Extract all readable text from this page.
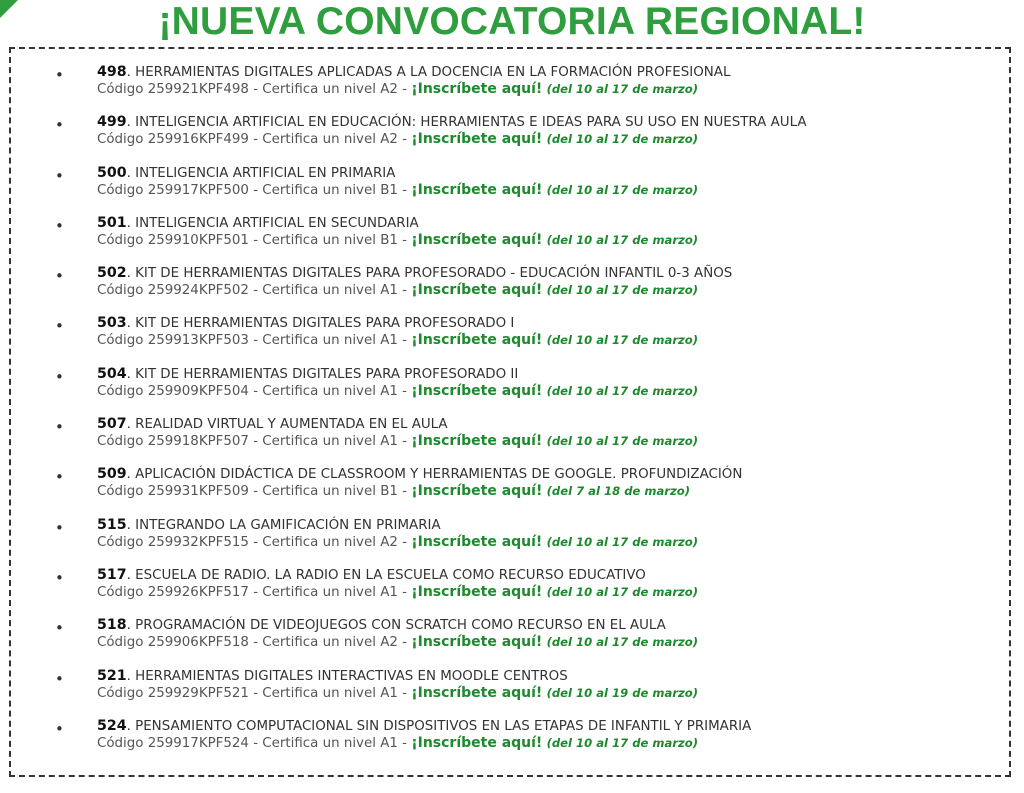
¡NUEVA CONVOCATORIA REGIONAL!
• 498. HERRAMIENTAS DIGITALES APLICADAS A LA DOCENCIA EN LA FORMACIÓN PROFESIONAL
Código 259921KPF498 - Certifica un nivel A2 - ¡Inscríbete aquí! (del 10 al 17 de marzo)
• 499. INTELIGENCIA ARTIFICIAL EN EDUCACIÓN: HERRAMIENTAS E IDEAS PARA SU USO EN NUESTRA AULA
Código 259916KPF499 - Certifica un nivel A2 - ¡Inscríbete aquí! (del 10 al 17 de marzo)
• 500. INTELIGENCIA ARTIFICIAL EN PRIMARIA
Código 259917KPF500 - Certifica un nivel B1 - ¡Inscríbete aquí! (del 10 al 17 de marzo)
• 501. INTELIGENCIA ARTIFICIAL EN SECUNDARIA
Código 259910KPF501 - Certifica un nivel B1 - ¡Inscríbete aquí! (del 10 al 17 de marzo)
• 502. KIT DE HERRAMIENTAS DIGITALES PARA PROFESORADO - EDUCACIÓN INFANTIL 0-3 AÑOS
Código 259924KPF502 - Certifica un nivel A1 - ¡Inscríbete aquí! (del 10 al 17 de marzo)
• 503. KIT DE HERRAMIENTAS DIGITALES PARA PROFESORADO I
Código 259913KPF503 - Certifica un nivel A1 - ¡Inscríbete aquí! (del 10 al 17 de marzo)
• 504. KIT DE HERRAMIENTAS DIGITALES PARA PROFESORADO II
Código 259909KPF504 - Certifica un nivel A1 - ¡Inscríbete aquí! (del 10 al 17 de marzo)
• 507. REALIDAD VIRTUAL Y AUMENTADA EN EL AULA
Código 259918KPF507 - Certifica un nivel A1 - ¡Inscríbete aquí! (del 10 al 17 de marzo)
• 509. APLICACIÓN DIDÁCTICA DE CLASSROOM Y HERRAMIENTAS DE GOOGLE. PROFUNDIZACIÓN
Código 259931KPF509 - Certifica un nivel B1 - ¡Inscríbete aquí! (del 7 al 18 de marzo)
• 515. INTEGRANDO LA GAMIFICACIÓN EN PRIMARIA
Código 259932KPF515 - Certifica un nivel A2 - ¡Inscríbete aquí! (del 10 al 17 de marzo)
• 517. ESCUELA DE RADIO. LA RADIO EN LA ESCUELA COMO RECURSO EDUCATIVO
Código 259926KPF517 - Certifica un nivel A1 - ¡Inscríbete aquí! (del 10 al 17 de marzo)
• 518. PROGRAMACIÓN DE VIDEOJUEGOS CON SCRATCH COMO RECURSO EN EL AULA
Código 259906KPF518 - Certifica un nivel A2 - ¡Inscríbete aquí! (del 10 al 17 de marzo)
• 521. HERRAMIENTAS DIGITALES INTERACTIVAS EN MOODLE CENTROS
Código 259929KPF521 - Certifica un nivel A1 - ¡Inscríbete aquí! (del 10 al 19 de marzo)
• 524. PENSAMIENTO COMPUTACIONAL SIN DISPOSITIVOS EN LAS ETAPAS DE INFANTIL Y PRIMARIA
Código 259917KPF524 - Certifica un nivel A1 - ¡Inscríbete aquí! (del 10 al 17 de marzo)
